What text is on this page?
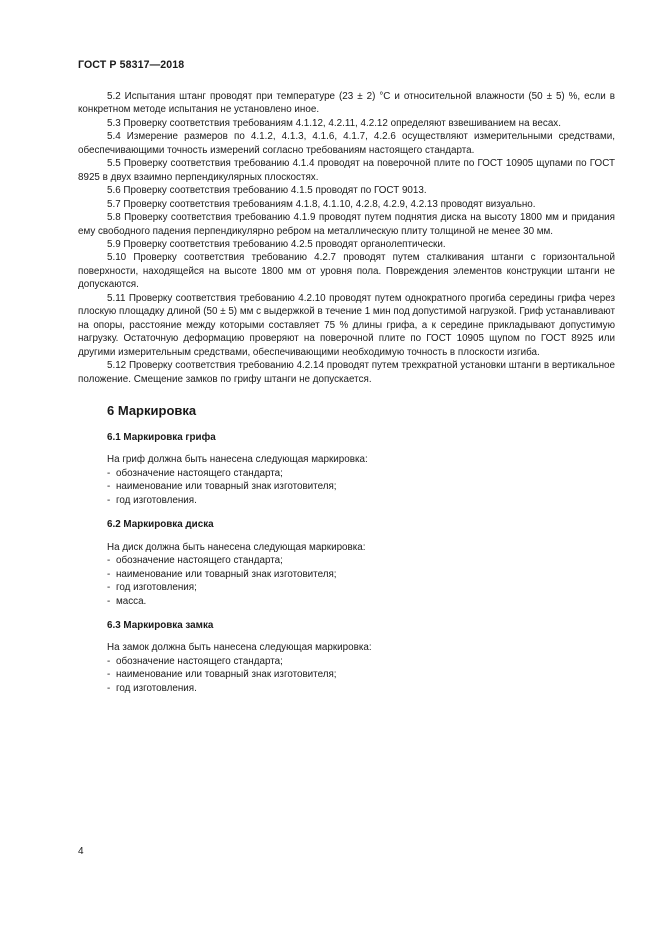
ГОСТ Р 58317—2018

5.2 Испытания штанг проводят при температуре (23 ± 2) °С и относительной влажности (50 ± 5) %, если в конкретном методе испытания не установлено иное.

5.3 Проверку соответствия требованиям 4.1.12, 4.2.11, 4.2.12 определяют взвешиванием на весах.

5.4 Измерение размеров по 4.1.2, 4.1.3, 4.1.6, 4.1.7, 4.2.6 осуществляют измерительными средствами, обеспечивающими точность измерений согласно требованиям настоящего стандарта.

5.5 Проверку соответствия требованию 4.1.4 проводят на поверочной плите по ГОСТ 10905 щупами по ГОСТ 8925 в двух взаимно перпендикулярных плоскостях.

5.6 Проверку соответствия требованию 4.1.5 проводят по ГОСТ 9013.

5.7 Проверку соответствия требованиям 4.1.8, 4.1.10, 4.2.8, 4.2.9, 4.2.13 проводят визуально.

5.8 Проверку соответствия требованию 4.1.9 проводят путем поднятия диска на высоту 1800 мм и придания ему свободного падения перпендикулярно ребром на металлическую плиту толщиной не менее 30 мм.

5.9 Проверку соответствия требованию 4.2.5 проводят органолептически.

5.10 Проверку соответствия требованию 4.2.7 проводят путем сталкивания штанги с горизонтальной поверхности, находящейся на высоте 1800 мм от уровня пола. Повреждения элементов конструкции штанги не допускаются.

5.11 Проверку соответствия требованию 4.2.10 проводят путем однократного прогиба середины грифа через плоскую площадку длиной (50 ± 5) мм с выдержкой в течение 1 мин под допустимой нагрузкой. Гриф устанавливают на опоры, расстояние между которыми составляет 75 % длины грифа, а к середине прикладывают допустимую нагрузку. Остаточную деформацию проверяют на поверочной плите по ГОСТ 10905 щупом по ГОСТ 8925 или другими измерительным средствами, обеспечивающими необходимую точность в плоскости изгиба.

5.12 Проверку соответствия требованию 4.2.14 проводят путем трехкратной установки штанги в вертикальное положение. Смещение замков по грифу штанги не допускается.

6 Маркировка
6.1 Маркировка грифа

На гриф должна быть нанесена следующая маркировка:

- обозначение настоящего стандарта;
- наименование или товарный знак изготовителя;
- год изготовления.
6.2 Маркировка диска

На диск должна быть нанесена следующая маркировка:

- обозначение настоящего стандарта;
- наименование или товарный знак изготовителя;
- год изготовления;
- масса.
6.3 Маркировка замка

На замок должна быть нанесена следующая маркировка:

- обозначение настоящего стандарта;
- наименование или товарный знак изготовителя;
- год изготовления.
4
